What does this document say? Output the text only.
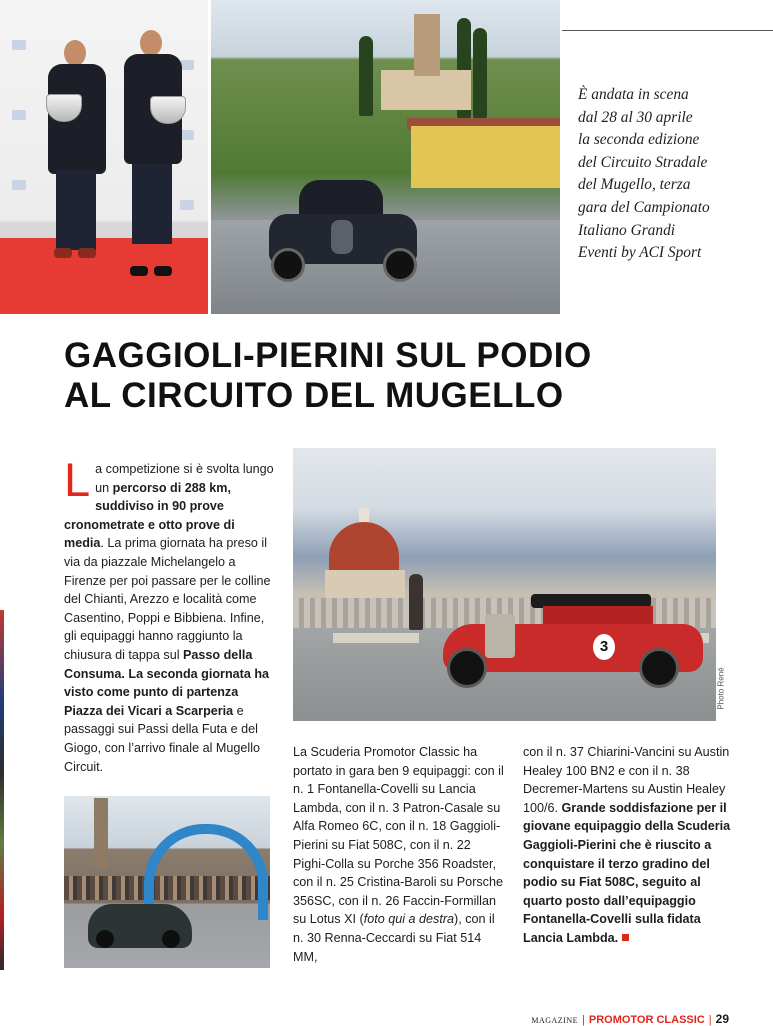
È andata in scena
dal 28 al 30 aprile
la seconda edizione
del Circuito Stradale
del Mugello, terza
gara del Campionato
Italiano Grandi
Eventi by ACI Sport
GAGGIOLI-PIERINI SUL PODIO
AL CIRCUITO DEL MUGELLO

La competizione si è svolta lungo un percorso di 288 km, suddiviso in 90 prove cronometrate e otto prove di media. La prima giornata ha preso il via da piazzale Michelangelo a Firenze per poi passare per le colline del Chianti, Arezzo e località come Casentino, Poppi e Bibbiena. Infine, gli equipaggi hanno raggiunto la chiusura di tappa sul Passo della Consuma. La seconda giornata ha visto come punto di partenza Piazza dei Vicari a Scarperia e passaggi sui Passi della Futa e del Giogo, con l’arrivo finale al Mugello Circuit.

3
Photo René

La Scuderia Promotor Classic ha portato in gara ben 9 equipaggi: con il n. 1 Fontanella-Covelli su Lancia Lambda, con il n. 3 Patron-Casale su Alfa Romeo 6C, con il n. 18 Gaggioli-Pierini su Fiat 508C, con il n. 22 Pighi-Colla su Porche 356 Roadster, con il n. 25 Cristina-Baroli su Porsche 356SC, con il n. 26 Faccin-Formillan su Lotus XI (foto qui a destra), con il n. 30 Renna-Ceccardi su Fiat 514 MM,

con il n. 37 Chiarini-Vancini su Austin Healey 100 BN2 e con il n. 38 Decremer-Martens su Austin Healey 100/6. Grande soddisfazione per il giovane equipaggio della Scuderia Gaggioli-Pierini che è riuscito a conquistare il terzo gradino del podio su Fiat 508C, seguito al quarto posto dall’equipaggio Fontanella-Covelli sulla fidata Lancia Lambda.

MAGAZINE | PROMOTOR CLASSIC | 29
